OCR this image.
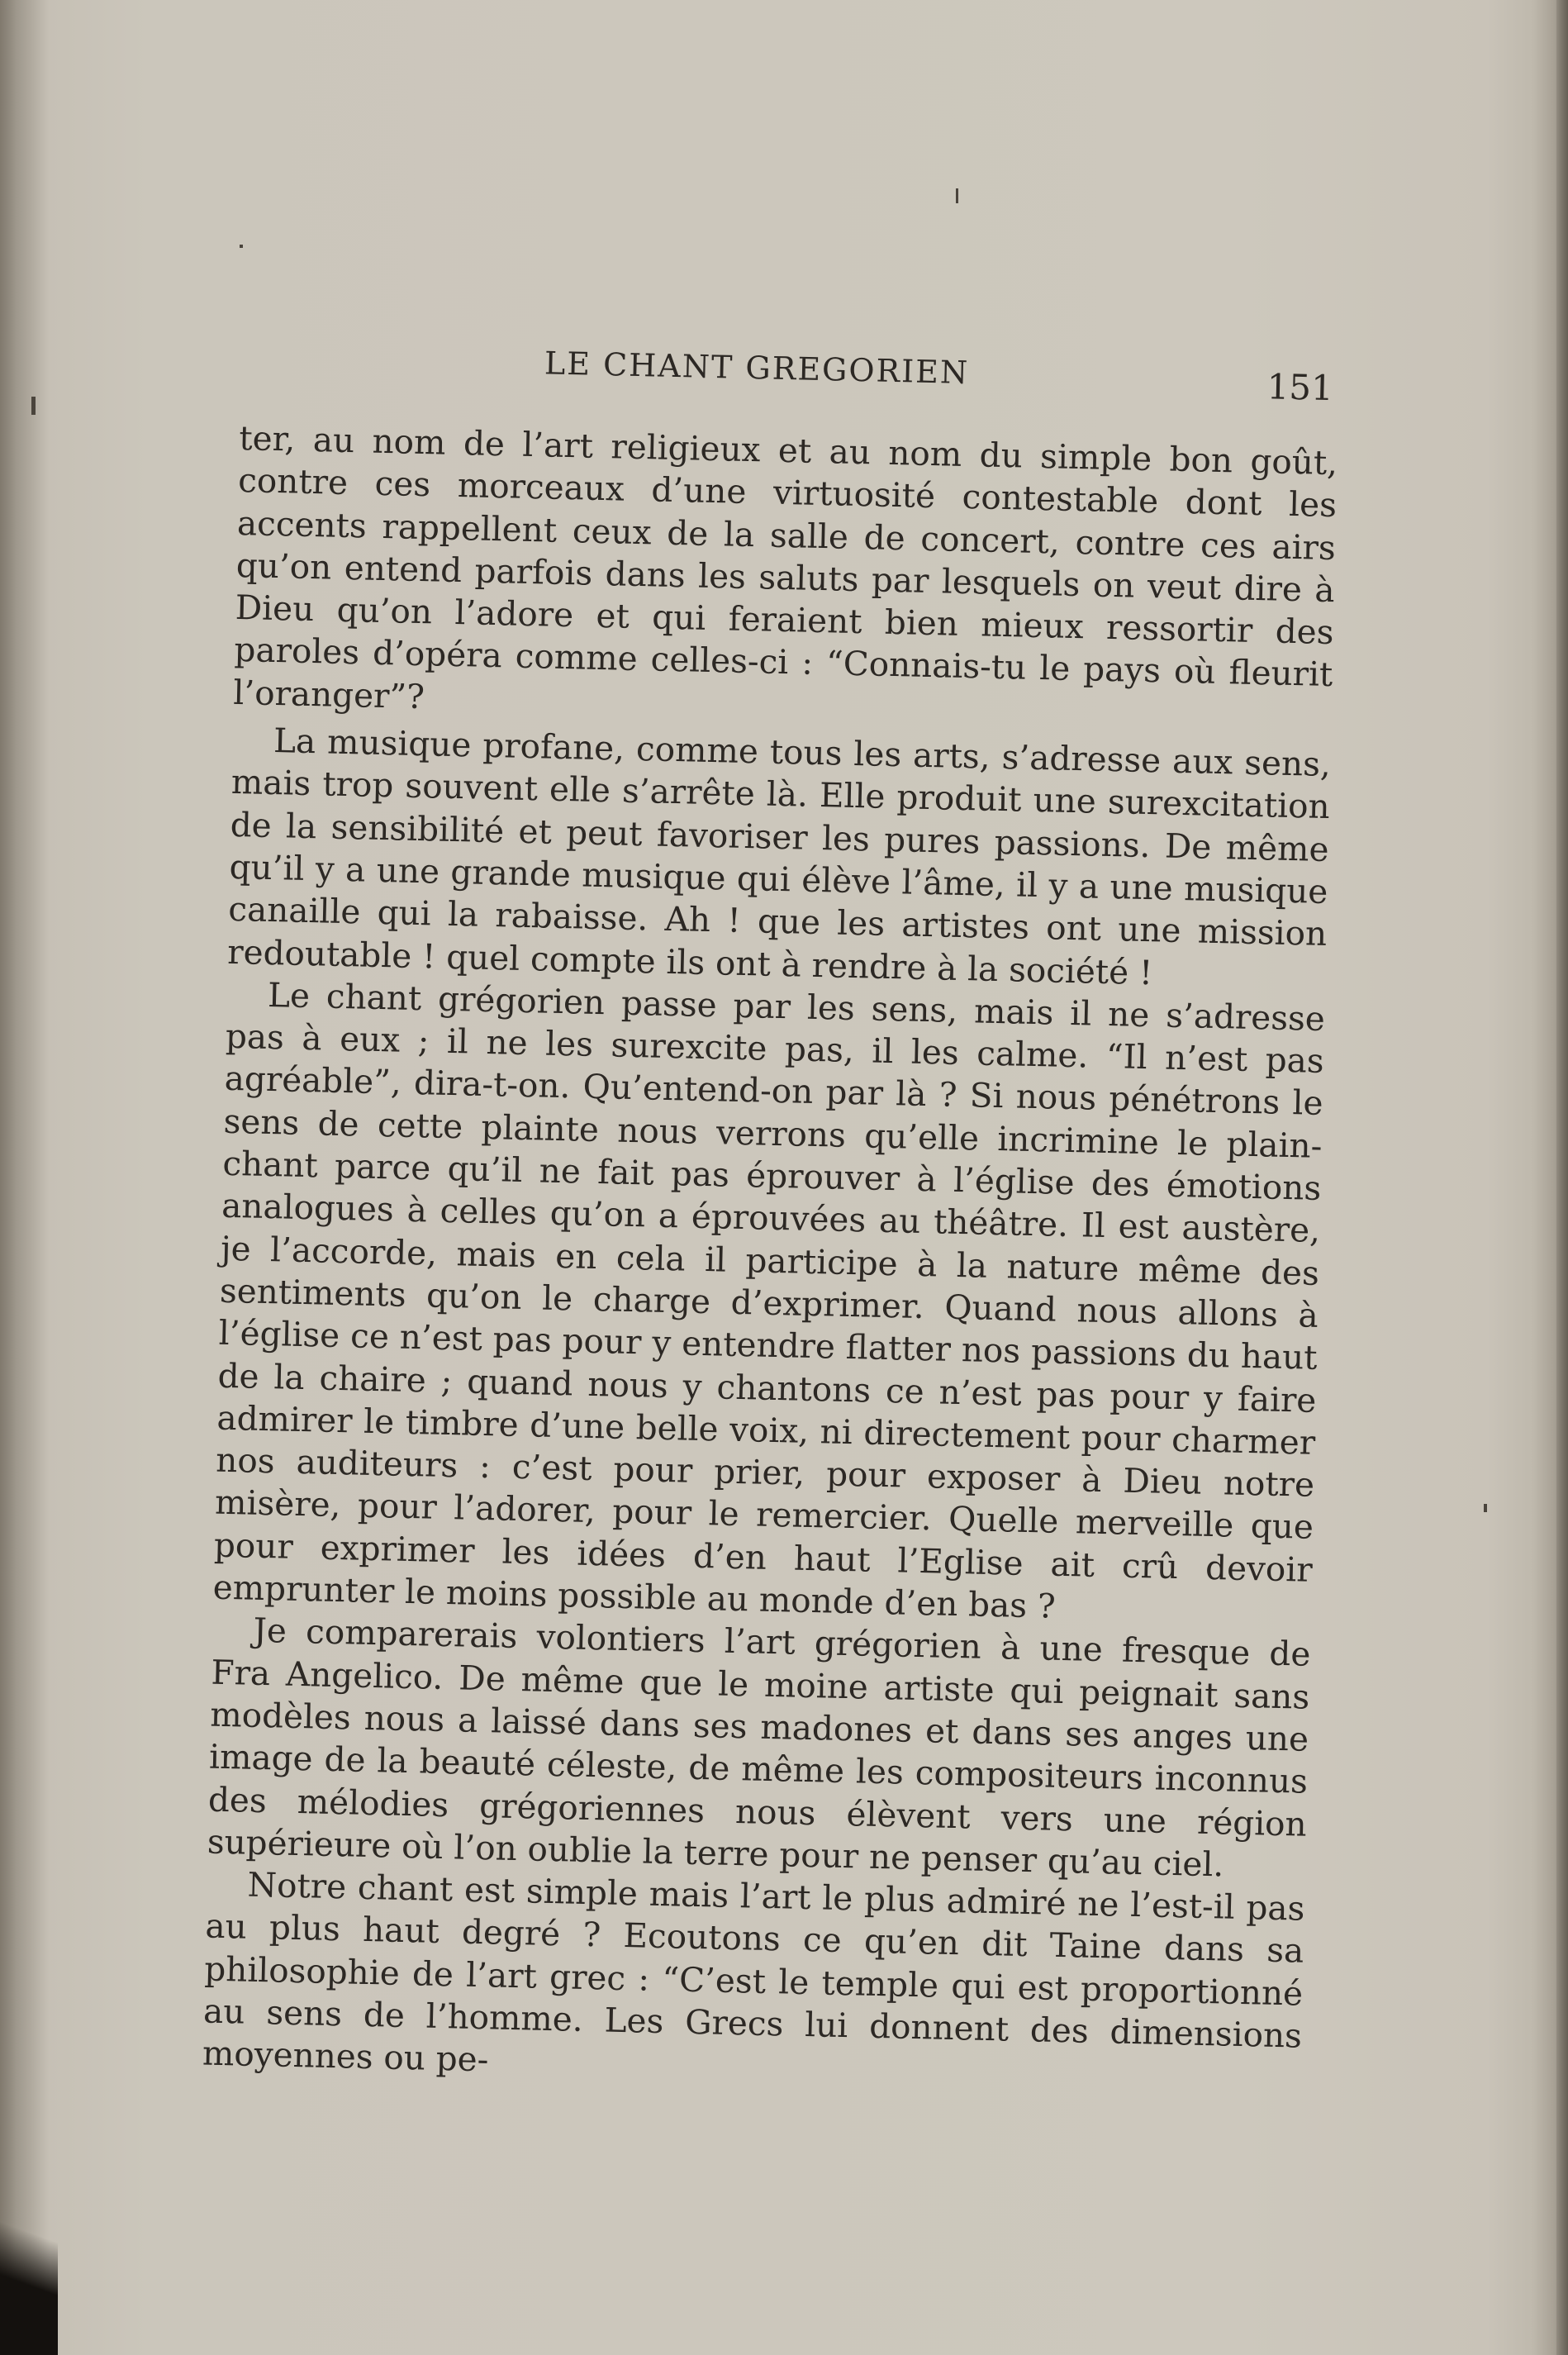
LE CHANT GREGORIEN	151

ter, au nom de l’art religieux et au nom du simple bon goût, contre ces morceaux d’une virtuosité contestable dont les accents rappellent ceux de la salle de concert, contre ces airs qu’on entend parfois dans les saluts par lesquels on veut dire à Dieu qu’on l’adore et qui feraient bien mieux ressortir des paroles d’opéra comme celles-ci : “Connais-tu le pays où fleurit l’oranger”?

La musique profane, comme tous les arts, s’adresse aux sens, mais trop souvent elle s’arrête là. Elle produit une surexcitation de la sensibilité et peut favoriser les pures passions. De même qu’il y a une grande musique qui élève l’âme, il y a une musique canaille qui la rabaisse. Ah ! que les artistes ont une mission redoutable ! quel compte ils ont à rendre à la société !

Le chant grégorien passe par les sens, mais il ne s’adresse pas à eux ; il ne les surexcite pas, il les calme. “Il n’est pas agréable”, dira-t-on. Qu’entend-on par là ? Si nous pénétrons le sens de cette plainte nous verrons qu’elle incrimine le plain-chant parce qu’il ne fait pas éprouver à l’église des émotions analogues à celles qu’on a éprouvées au théâtre. Il est austère, je l’accorde, mais en cela il participe à la nature même des sentiments qu’on le charge d’exprimer. Quand nous allons à l’église ce n’est pas pour y entendre flatter nos passions du haut de la chaire ; quand nous y chantons ce n’est pas pour y faire admirer le timbre d’une belle voix, ni directement pour charmer nos auditeurs : c’est pour prier, pour exposer à Dieu notre misère, pour l’adorer, pour le remercier. Quelle merveille que pour exprimer les idées d’en haut l’Eglise ait crû devoir emprunter le moins possible au monde d’en bas ?

Je comparerais volontiers l’art grégorien à une fresque de Fra Angelico. De même que le moine artiste qui peignait sans modèles nous a laissé dans ses madones et dans ses anges une image de la beauté céleste, de même les compositeurs inconnus des mélodies grégoriennes nous élèvent vers une région supérieure où l’on oublie la terre pour ne penser qu’au ciel.

Notre chant est simple mais l’art le plus admiré ne l’est-il pas au plus haut degré ? Ecoutons ce qu’en dit Taine dans sa philosophie de l’art grec : “C’est le temple qui est proportionné au sens de l’homme. Les Grecs lui donnent des dimensions moyennes ou pe-
